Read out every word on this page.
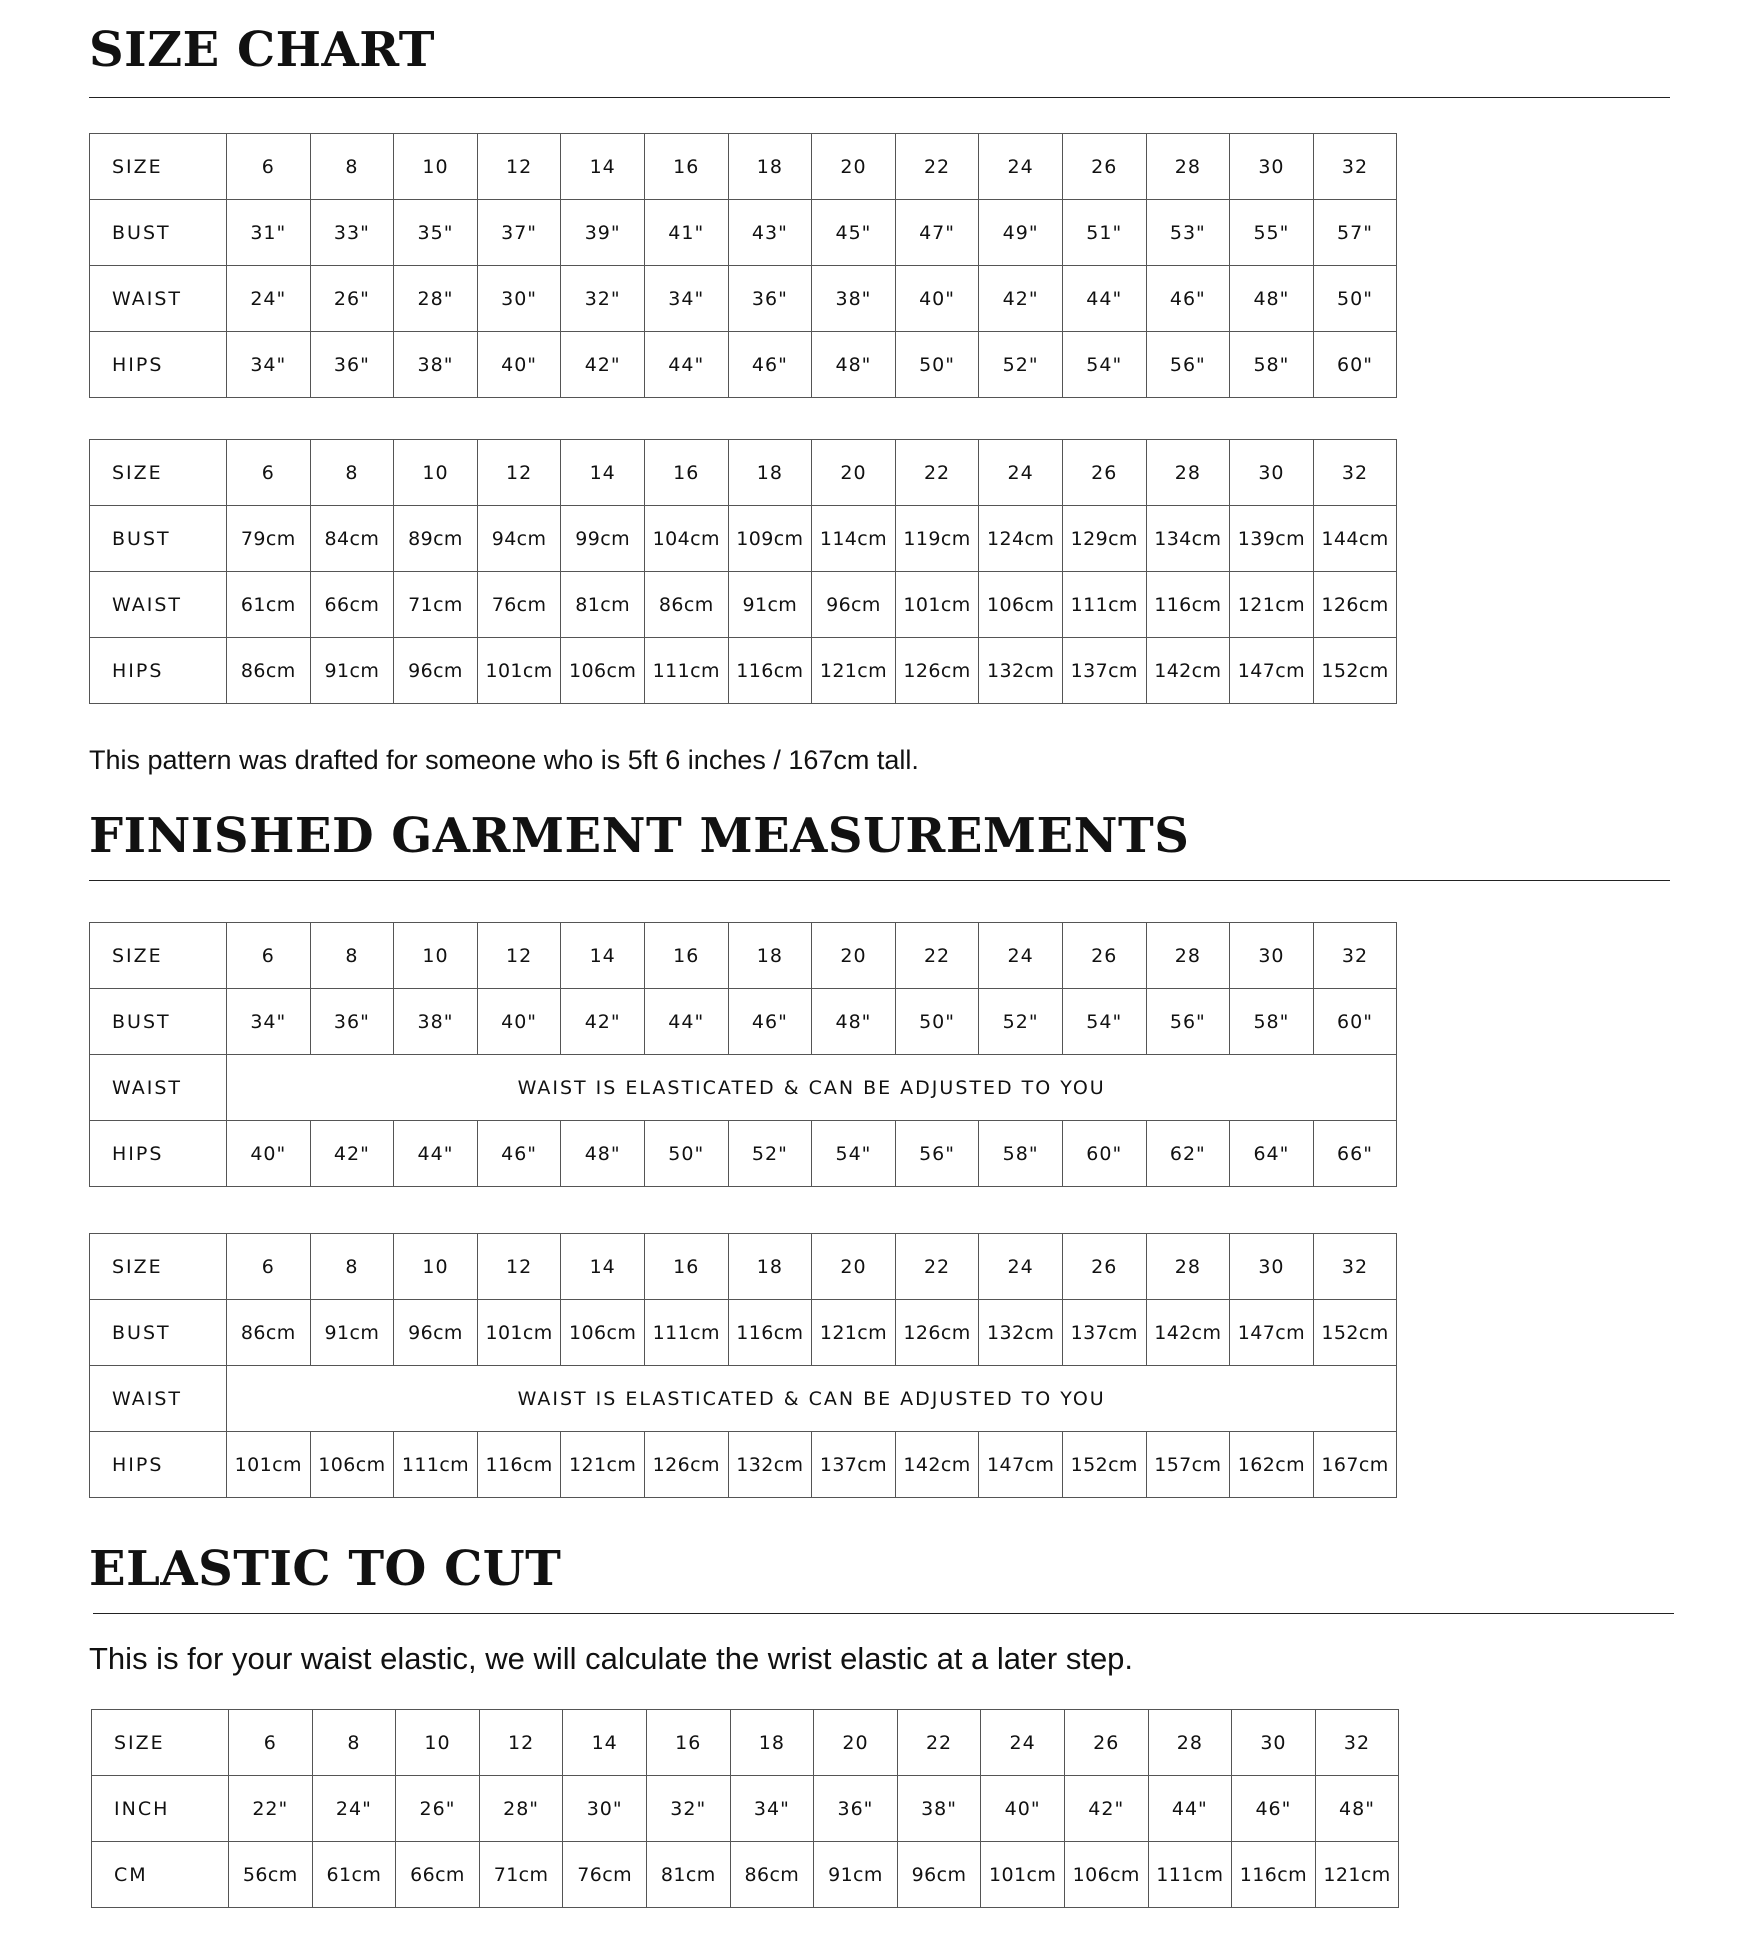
SIZE CHART
SIZE	6	8	10	12	14	16	18	20	22	24	26	28	30	32
BUST	31"	33"	35"	37"	39"	41"	43"	45"	47"	49"	51"	53"	55"	57"
WAIST	24"	26"	28"	30"	32"	34"	36"	38"	40"	42"	44"	46"	48"	50"
HIPS	34"	36"	38"	40"	42"	44"	46"	48"	50"	52"	54"	56"	58"	60"
SIZE	6	8	10	12	14	16	18	20	22	24	26	28	30	32
BUST	79cm	84cm	89cm	94cm	99cm	104cm	109cm	114cm	119cm	124cm	129cm	134cm	139cm	144cm
WAIST	61cm	66cm	71cm	76cm	81cm	86cm	91cm	96cm	101cm	106cm	111cm	116cm	121cm	126cm
HIPS	86cm	91cm	96cm	101cm	106cm	111cm	116cm	121cm	126cm	132cm	137cm	142cm	147cm	152cm

This pattern was drafted for someone who is 5ft 6 inches / 167cm tall.

FINISHED GARMENT MEASUREMENTS
SIZE	6	8	10	12	14	16	18	20	22	24	26	28	30	32
BUST	34"	36"	38"	40"	42"	44"	46"	48"	50"	52"	54"	56"	58"	60"
WAIST	WAIST IS ELASTICATED & CAN BE ADJUSTED TO YOU													
HIPS	40"	42"	44"	46"	48"	50"	52"	54"	56"	58"	60"	62"	64"	66"
SIZE	6	8	10	12	14	16	18	20	22	24	26	28	30	32
BUST	86cm	91cm	96cm	101cm	106cm	111cm	116cm	121cm	126cm	132cm	137cm	142cm	147cm	152cm
WAIST	WAIST IS ELASTICATED & CAN BE ADJUSTED TO YOU													
HIPS	101cm	106cm	111cm	116cm	121cm	126cm	132cm	137cm	142cm	147cm	152cm	157cm	162cm	167cm
ELASTIC TO CUT

This is for your waist elastic, we will calculate the wrist elastic at a later step.

SIZE	6	8	10	12	14	16	18	20	22	24	26	28	30	32
INCH	22"	24"	26"	28"	30"	32"	34"	36"	38"	40"	42"	44"	46"	48"
CM	56cm	61cm	66cm	71cm	76cm	81cm	86cm	91cm	96cm	101cm	106cm	111cm	116cm	121cm
